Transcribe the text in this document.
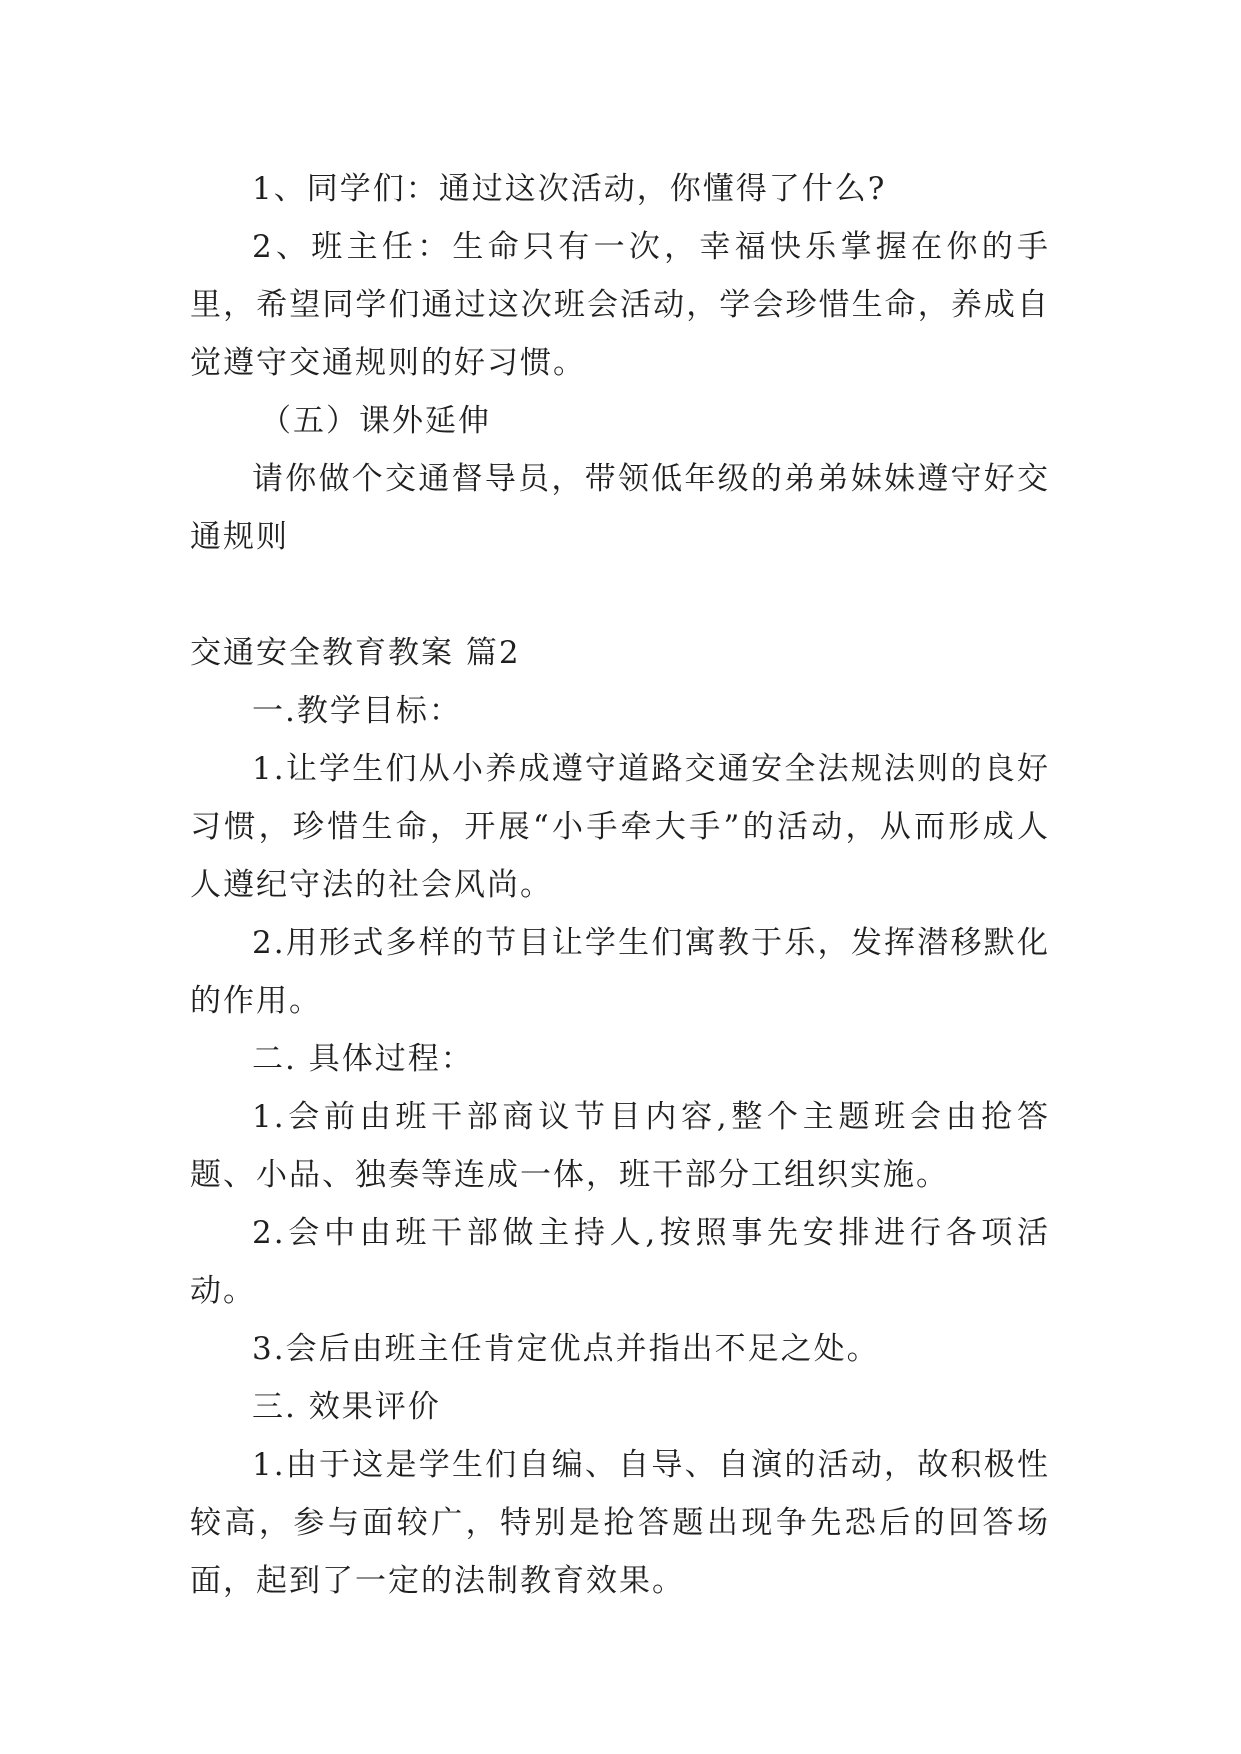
1、同学们：通过这次活动，你懂得了什么?

2、班主任：生命只有一次，幸福快乐掌握在你的手里，希望同学们通过这次班会活动，学会珍惜生命，养成自觉遵守交通规则的好习惯。

（五）课外延伸

请你做个交通督导员，带领低年级的弟弟妹妹遵守好交通规则

交通安全教育教案 篇2

一.教学目标：

1.让学生们从小养成遵守道路交通安全法规法则的良好习惯，珍惜生命，开展“小手牵大手”的活动，从而形成人人遵纪守法的社会风尚。

2.用形式多样的节目让学生们寓教于乐，发挥潜移默化的作用。

二. 具体过程：

1.会前由班干部商议节目内容,整个主题班会由抢答题、小品、独奏等连成一体，班干部分工组织实施。

2.会中由班干部做主持人,按照事先安排进行各项活动。

3.会后由班主任肯定优点并指出不足之处。

三. 效果评价

1.由于这是学生们自编、自导、自演的活动，故积极性较高，参与面较广，特别是抢答题出现争先恐后的回答场面，起到了一定的法制教育效果。
